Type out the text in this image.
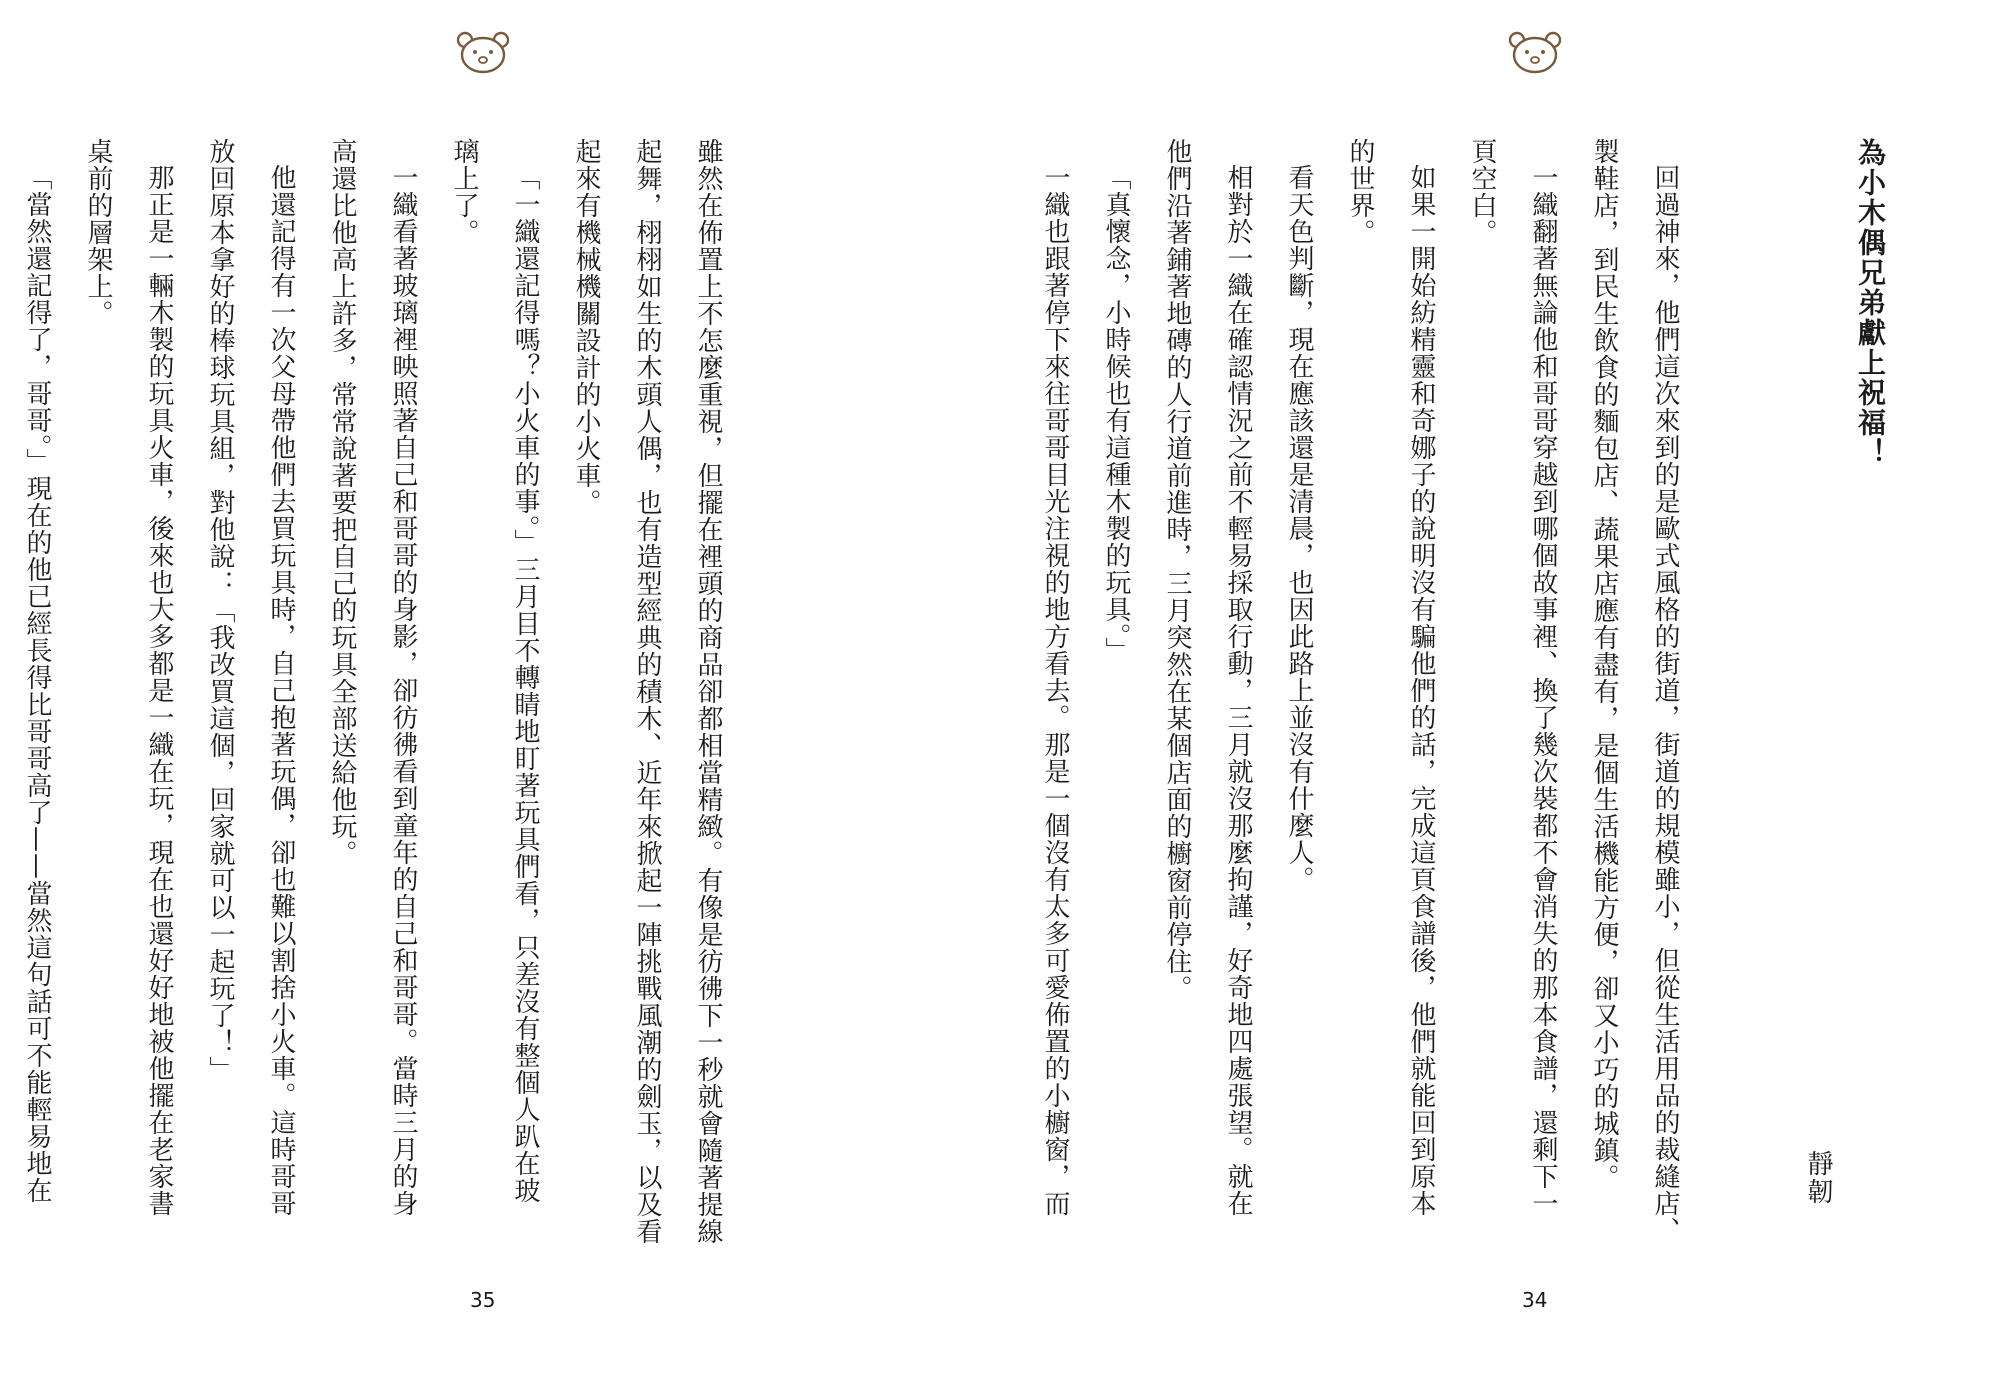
雖然在佈置上不怎麼重視，但擺在裡頭的商品卻都相當精緻。有像是彷彿下一秒就會隨著提線
起舞，栩栩如生的木頭人偶，也有造型經典的積木、近年來掀起一陣挑戰風潮的劍玉，以及看
起來有機械機關設計的小火車。

「一織還記得嗎？小火車的事。」三月目不轉睛地盯著玩具們看，只差沒有整個人趴在玻
璃上了。

一織看著玻璃裡映照著自己和哥哥的身影，卻彷彿看到童年的自己和哥哥。當時三月的身
高還比他高上許多，常常說著要把自己的玩具全部送給他玩。

他還記得有一次父母帶他們去買玩具時，自己抱著玩偶，卻也難以割捨小火車。這時哥哥
放回原本拿好的棒球玩具組，對他說：「我改買這個，回家就可以一起玩了！」

那正是一輛木製的玩具火車，後來也大多都是一織在玩，現在也還好好地被他擺在老家書
桌前的層架上。

「當然還記得了，哥哥。」現在的他已經長得比哥哥高了——當然這句話可不能輕易地在

35
為小木偶兄弟獻上祝福！
靜韌

回過神來，他們這次來到的是歐式風格的街道，街道的規模雖小，但從生活用品的裁縫店、
製鞋店，到民生飲食的麵包店、蔬果店應有盡有，是個生活機能方便，卻又小巧的城鎮。

一織翻著無論他和哥哥穿越到哪個故事裡、換了幾次裝都不會消失的那本食譜，還剩下一
頁空白。

如果一開始紡精靈和奇娜子的說明沒有騙他們的話，完成這頁食譜後，他們就能回到原本
的世界。

看天色判斷，現在應該還是清晨，也因此路上並沒有什麼人。

相對於一織在確認情況之前不輕易採取行動，三月就沒那麼拘謹，好奇地四處張望。就在
他們沿著鋪著地磚的人行道前進時，三月突然在某個店面的櫥窗前停住。

「真懷念，小時候也有這種木製的玩具。」

一織也跟著停下來往哥哥目光注視的地方看去。那是一個沒有太多可愛佈置的小櫥窗，而

34
